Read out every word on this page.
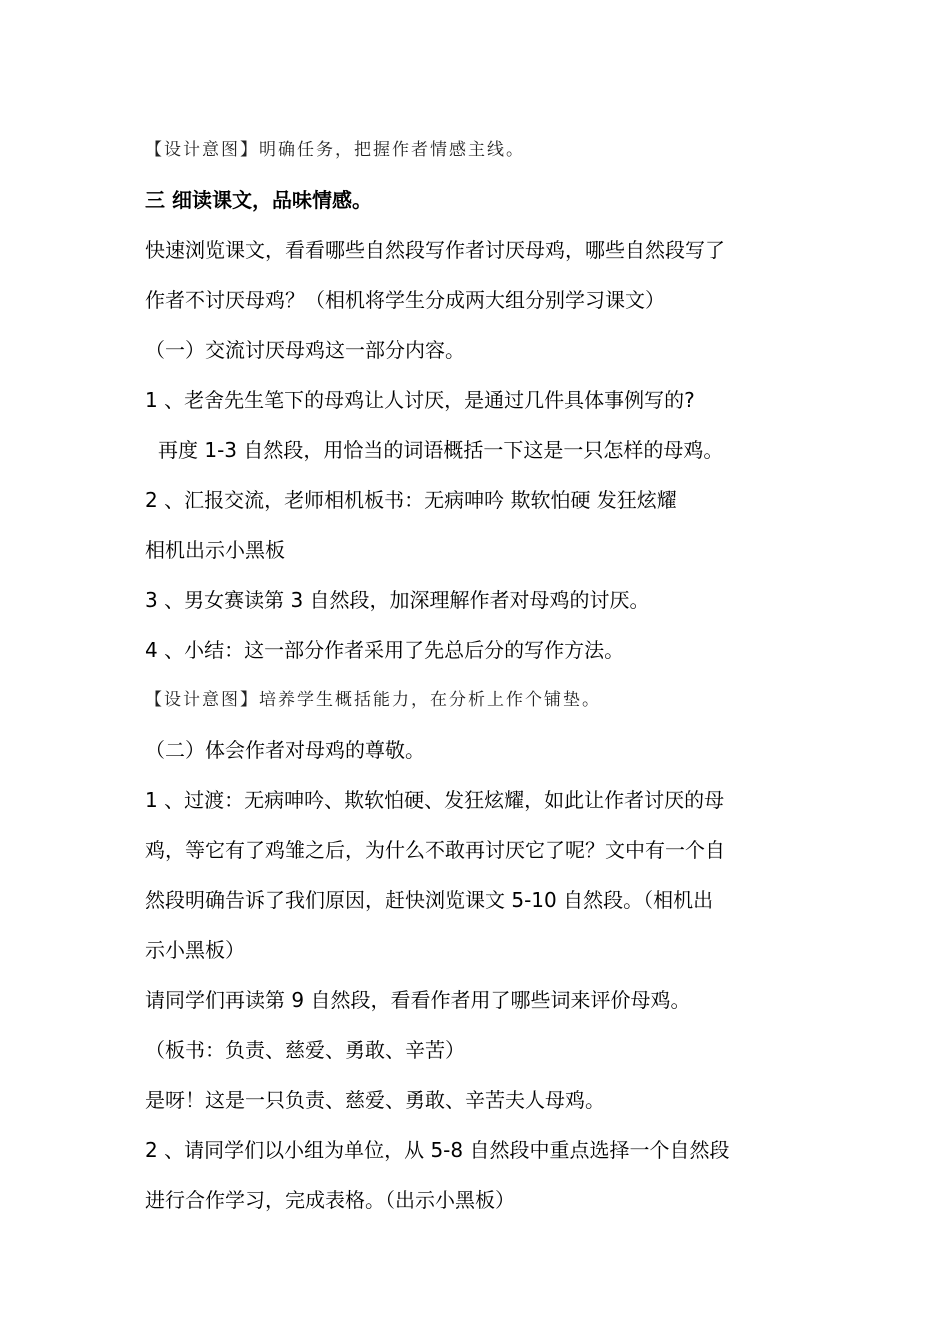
【设计意图】明确任务，把握作者情感主线。
三 细读课文，品味情感。
快速浏览课文，看看哪些自然段写作者讨厌母鸡，哪些自然段写了
作者不讨厌母鸡？（相机将学生分成两大组分别学习课文）
（一）交流讨厌母鸡这一部分内容。
1 、老舍先生笔下的母鸡让人讨厌，是通过几件具体事例写的?
再度 1-3 自然段，用恰当的词语概括一下这是一只怎样的母鸡。
2 、汇报交流，老师相机板书：无病呻吟 欺软怕硬 发狂炫耀
相机出示小黑板
3 、男女赛读第 3 自然段，加深理解作者对母鸡的讨厌。
4 、小结：这一部分作者采用了先总后分的写作方法。
【设计意图】培养学生概括能力，在分析上作个铺垫。
（二）体会作者对母鸡的尊敬。
1 、过渡：无病呻吟、欺软怕硬、发狂炫耀，如此让作者讨厌的母
鸡，等它有了鸡雏之后，为什么不敢再讨厌它了呢？文中有一个自
然段明确告诉了我们原因，赶快浏览课文 5-10 自然段。（相机出
示小黑板）
请同学们再读第 9 自然段，看看作者用了哪些词来评价母鸡。
（板书：负责、慈爱、勇敢、辛苦）
是呀！这是一只负责、慈爱、勇敢、辛苦夫人母鸡。
2 、请同学们以小组为单位，从 5-8 自然段中重点选择一个自然段
进行合作学习，完成表格。（出示小黑板）
